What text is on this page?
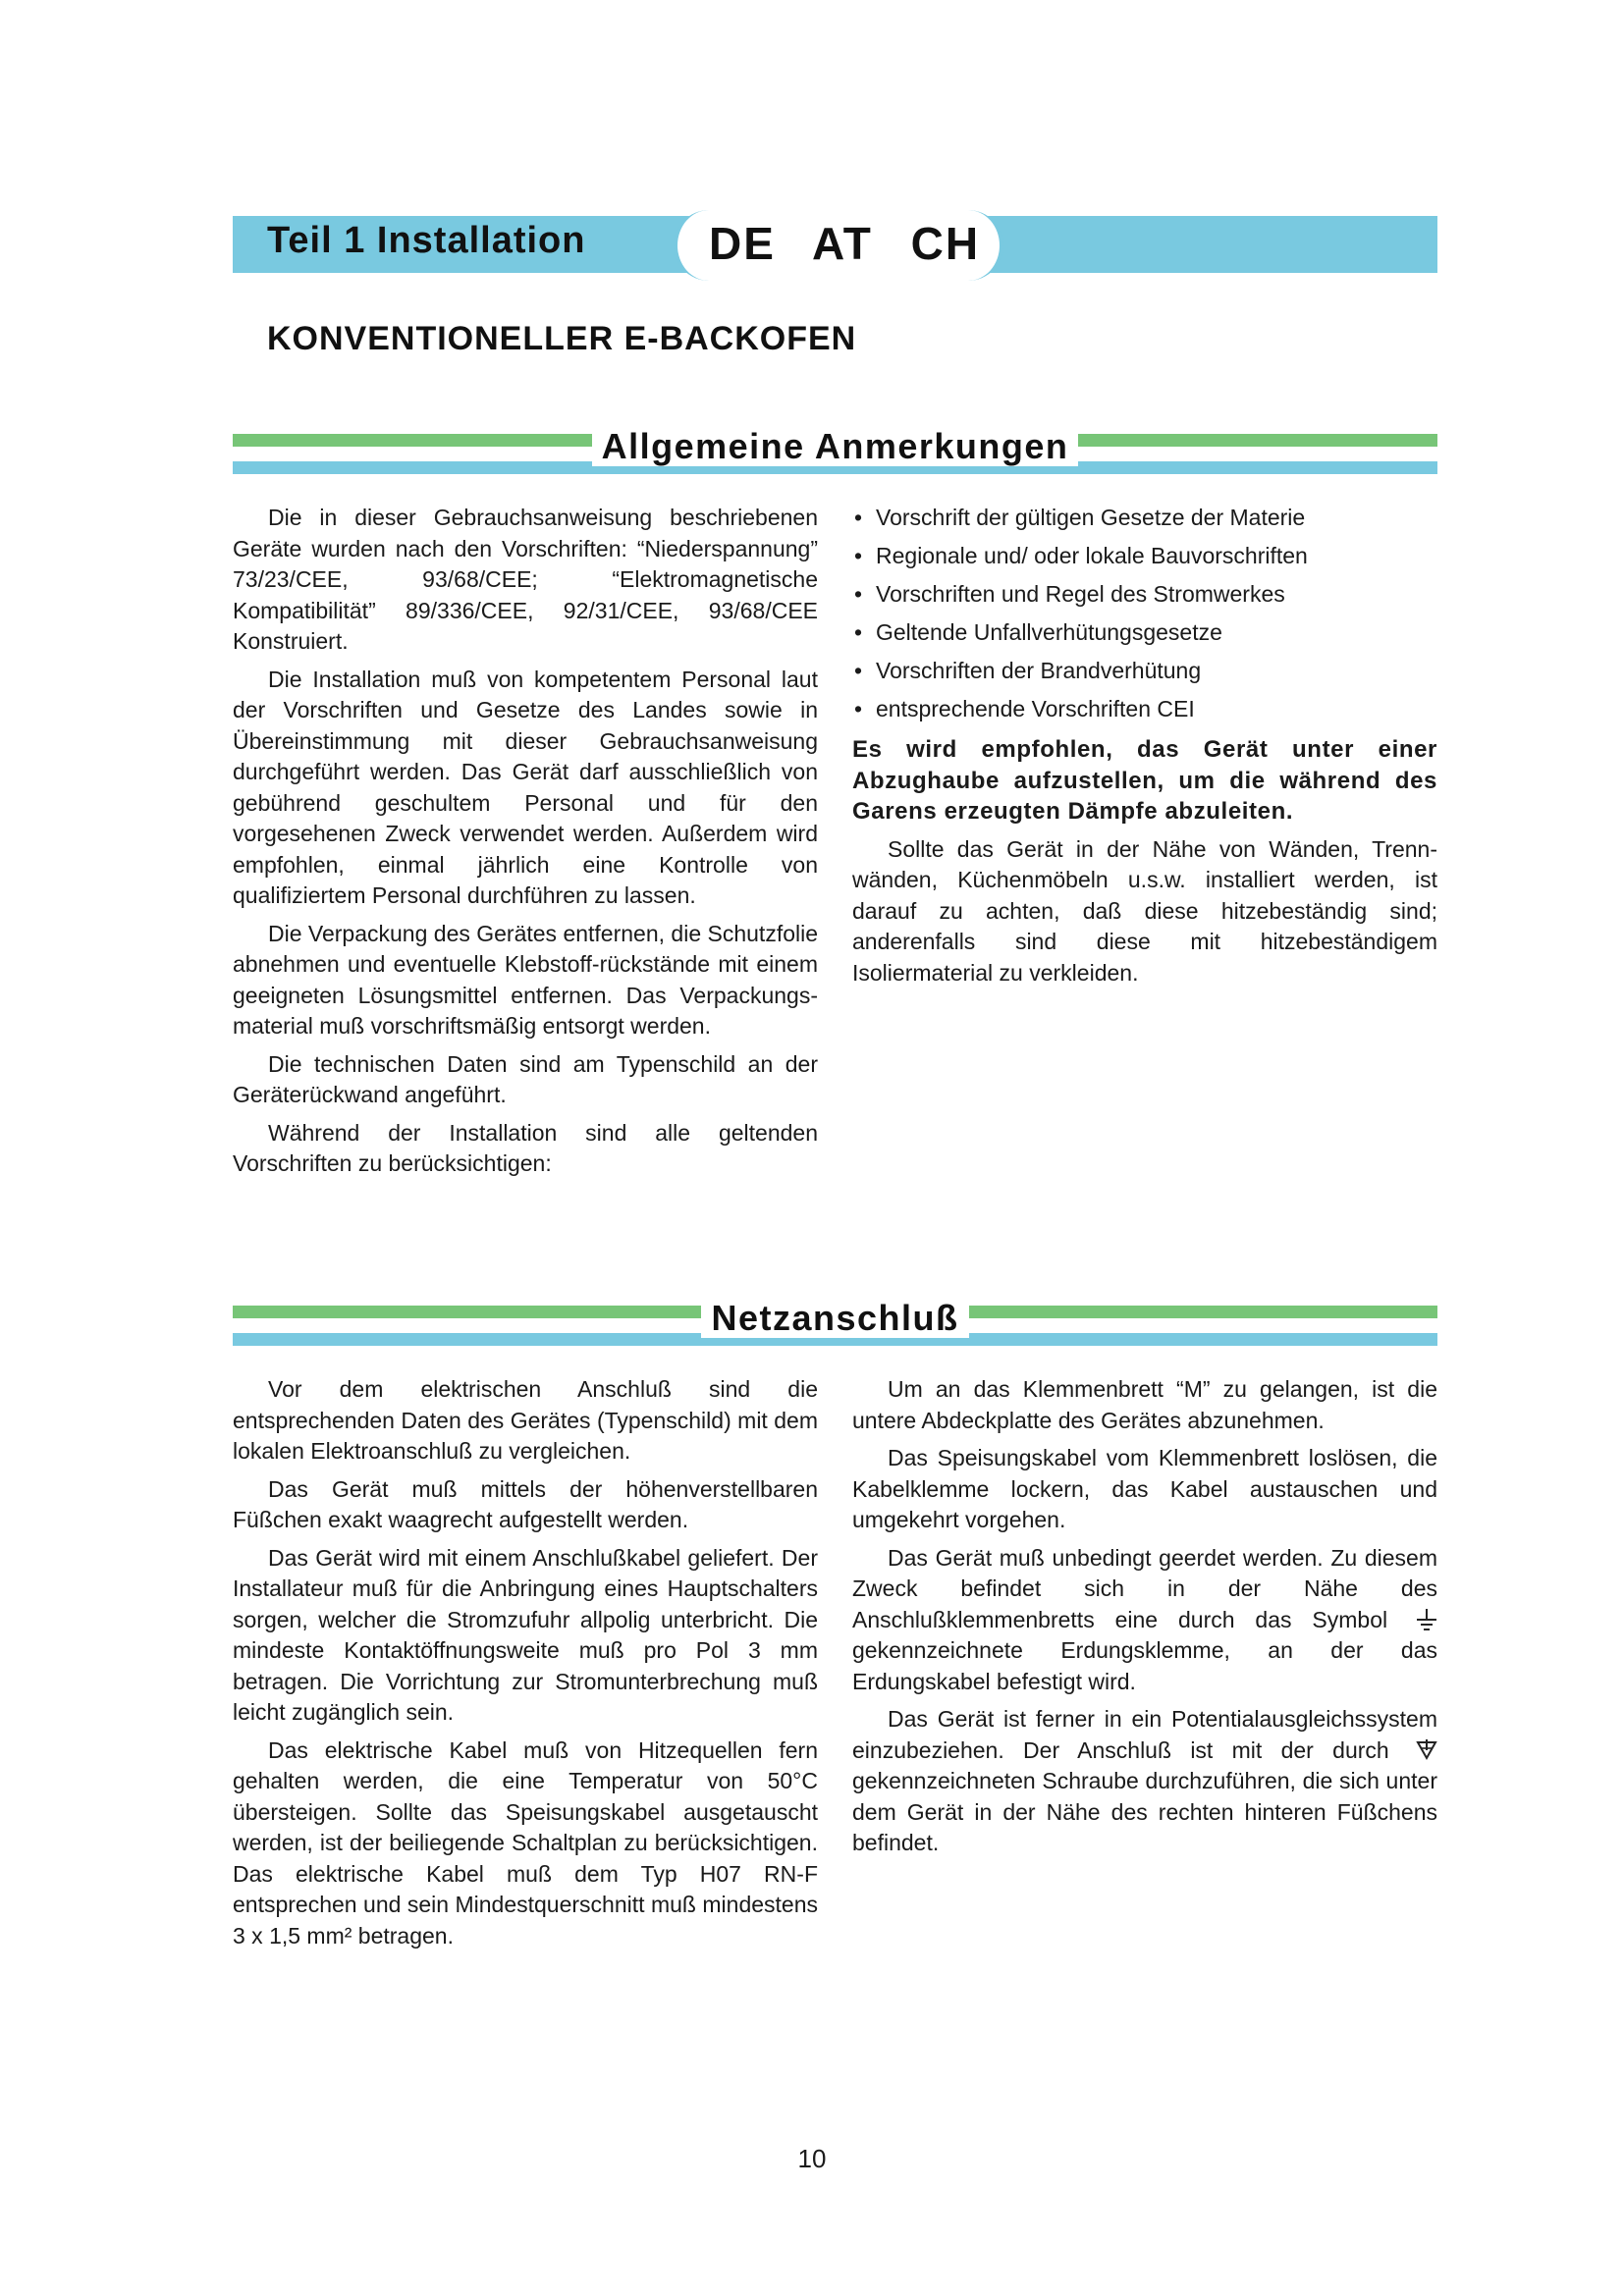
Teil 1 Installation	DE AT CH
KONVENTIONELLER E-BACKOFEN
Allgemeine Anmerkungen

Die in dieser Gebrauchsanweisung beschriebenen Geräte wurden nach den Vorschriften: “Niederspannung” 73/23/CEE, 93/68/CEE; “Elektromagnetische Kompatibilität” 89/336/CEE, 92/31/CEE, 93/68/CEE Konstruiert.

Die Installation muß von kompetentem Personal laut der Vorschriften und Gesetze des Landes sowie in Übereinstimmung mit dieser Gebrauchsanweisung durchgeführt werden. Das Gerät darf ausschließlich von gebührend geschultem Personal und für den vorgesehenen Zweck verwendet werden. Außerdem wird empfohlen, einmal jährlich eine Kontrolle von qualifiziertem Personal durchführen zu lassen.

Die Verpackung des Gerätes entfernen, die Schutzfolie abnehmen und eventuelle Klebstoff-rückstände mit einem geeigneten Lösungsmittel entfernen. Das Verpackungs-material muß vorschriftsmäßig entsorgt werden.

Die technischen Daten sind am Typenschild an der Geräterückwand angeführt.

Während der Installation sind alle geltenden Vorschriften zu berücksichtigen:

• Vorschrift der gültigen Gesetze der Materie
• Regionale und/ oder lokale Bauvorschriften
• Vorschriften und Regel des Stromwerkes
• Geltende Unfallverhütungsgesetze
• Vorschriften der Brandverhütung
• entsprechende Vorschriften CEI

Es wird empfohlen, das Gerät unter einer Abzughaube aufzustellen, um die während des Garens erzeugten Dämpfe abzuleiten.

Sollte das Gerät in der Nähe von Wänden, Trenn-wänden, Küchenmöbeln u.s.w. installiert werden, ist darauf zu achten, daß diese hitzebeständig sind; anderenfalls sind diese mit hitzebeständigem Isoliermaterial zu verkleiden.

Netzanschluß

Vor dem elektrischen Anschluß sind die entsprechenden Daten des Gerätes (Typenschild) mit dem lokalen Elektroanschluß zu vergleichen.

Das Gerät muß mittels der höhenverstellbaren Füßchen exakt waagrecht aufgestellt werden.

Das Gerät wird mit einem Anschlußkabel geliefert. Der Installateur muß für die Anbringung eines Hauptschalters sorgen, welcher die Stromzufuhr allpolig unterbricht. Die mindeste Kontaktöffnungsweite muß pro Pol 3 mm betragen. Die Vorrichtung zur Stromunterbrechung muß leicht zugänglich sein.

Das elektrische Kabel muß von Hitzequellen fern gehalten werden, die eine Temperatur von 50°C übersteigen. Sollte das Speisungskabel ausgetauscht werden, ist der beiliegende Schaltplan zu berücksichtigen. Das elektrische Kabel muß dem Typ H07 RN-F entsprechen und sein Mindestquerschnitt muß mindestens 3 x 1,5 mm² betragen.

Um an das Klemmenbrett “M” zu gelangen, ist die untere Abdeckplatte des Gerätes abzunehmen.

Das Speisungskabel vom Klemmenbrett loslösen, die Kabelklemme lockern, das Kabel austauschen und umgekehrt vorgehen.

Das Gerät muß unbedingt geerdet werden. Zu diesem Zweck befindet sich in der Nähe des Anschlußklemmenbretts eine durch das Symbol  gekennzeichnete Erdungsklemme, an der das Erdungskabel befestigt wird.

Das Gerät ist ferner in ein Potentialausgleichssystem einzubeziehen. Der Anschluß ist mit der durch  gekennzeichneten Schraube durchzuführen, die sich unter dem Gerät in der Nähe des rechten hinteren Füßchens befindet.

10
